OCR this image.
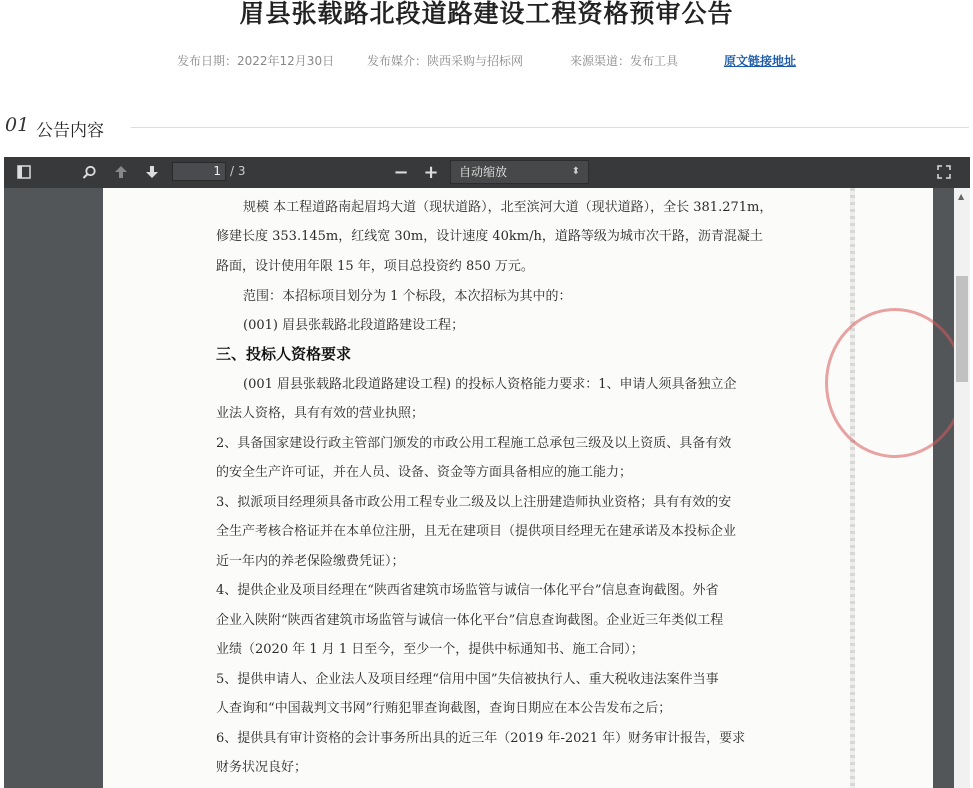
眉县张载路北段道路建设工程资格预审公告
发布日期：2022年12月30日	发布媒介：陕西采购与招标网	来源渠道：发布工具	原文链接地址
01 公告内容
1 / 3	− +	自动缩放	⬍
规模 本工程道路南起眉坞大道（现状道路），北至滨河大道（现状道路），全长 381.271m，
修建长度 353.145m，红线宽 30m，设计速度 40km/h，道路等级为城市次干路，沥青混凝土
路面，设计使用年限 15 年，项目总投资约 850 万元。
范围：本招标项目划分为 1 个标段，本次招标为其中的：
(001) 眉县张载路北段道路建设工程；
三、投标人资格要求
(001 眉县张载路北段道路建设工程) 的投标人资格能力要求：1、申请人须具备独立企
业法人资格，具有有效的营业执照；
2、具备国家建设行政主管部门颁发的市政公用工程施工总承包三级及以上资质、具备有效
的安全生产许可证，并在人员、设备、资金等方面具备相应的施工能力；
3、拟派项目经理须具备市政公用工程专业二级及以上注册建造师执业资格；具有有效的安
全生产考核合格证并在本单位注册，且无在建项目（提供项目经理无在建承诺及本投标企业
近一年内的养老保险缴费凭证）；
4、提供企业及项目经理在“陕西省建筑市场监管与诚信一体化平台”信息查询截图。外省
企业入陕附“陕西省建筑市场监管与诚信一体化平台”信息查询截图。企业近三年类似工程
业绩（2020 年 1 月 1 日至今，至少一个，提供中标通知书、施工合同）；
5、提供申请人、企业法人及项目经理“信用中国”失信被执行人、重大税收违法案件当事
人查询和“中国裁判文书网”行贿犯罪查询截图，查询日期应在本公告发布之后；
6、提供具有审计资格的会计事务所出具的近三年（2019 年-2021 年）财务审计报告，要求
财务状况良好；
▲
